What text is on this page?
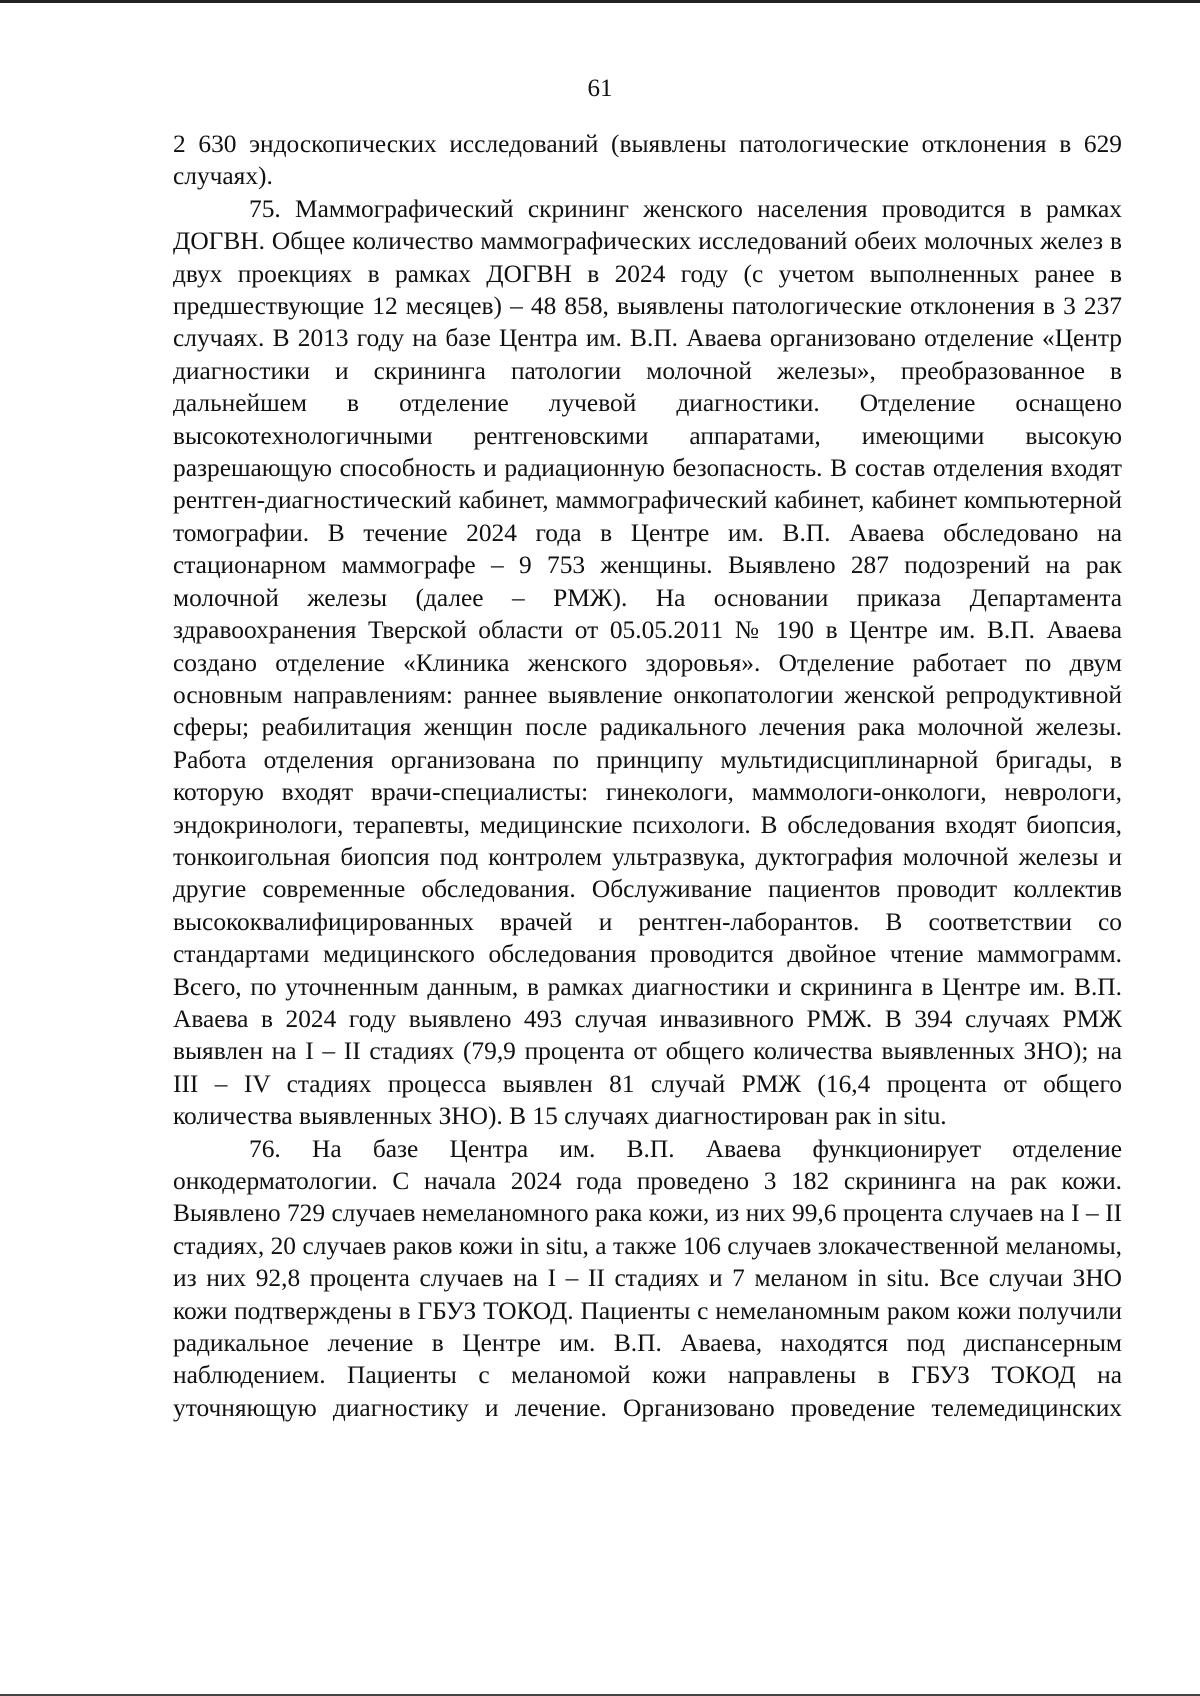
61

2 630 эндоскопических исследований (выявлены патологические отклонения в 629 случаях).

75. Маммографический скрининг женского населения проводится в рамках ДОГВН. Общее количество маммографических исследований обеих молочных желез в двух проекциях в рамках ДОГВН в 2024 году (с учетом выполненных ранее в предшествующие 12 месяцев) – 48 858, выявлены патологические отклонения в 3 237 случаях. В 2013 году на базе Центра им. В.П. Аваева организовано отделение «Центр диагностики и скрининга патологии молочной железы», преобразованное в дальнейшем в отделение лучевой диагностики. Отделение оснащено высокотехнологичными рентгеновскими аппаратами, имеющими высокую разрешающую способность и радиационную безопасность. В состав отделения входят рентген-диагностический кабинет, маммографический кабинет, кабинет компьютерной томографии. В течение 2024 года в Центре им. В.П. Аваева обследовано на стационарном маммографе – 9 753 женщины. Выявлено 287 подозрений на рак молочной железы (далее – РМЖ). На основании приказа Департамента здравоохранения Тверской области от 05.05.2011 № 190 в Центре им. В.П. Аваева создано отделение «Клиника женского здоровья». Отделение работает по двум основным направлениям: раннее выявление онкопатологии женской репродуктивной сферы; реабилитация женщин после радикального лечения рака молочной железы. Работа отделения организована по принципу мультидисциплинарной бригады, в которую входят врачи-специалисты: гинекологи, маммологи-онкологи, неврологи, эндокринологи, терапевты, медицинские психологи. В обследования входят биопсия, тонкоигольная биопсия под контролем ультразвука, дуктография молочной железы и другие современные обследования. Обслуживание пациентов проводит коллектив высококвалифицированных врачей и рентген-лаборантов. В соответствии со стандартами медицинского обследования проводится двойное чтение маммограмм. Всего, по уточненным данным, в рамках диагностики и скрининга в Центре им. В.П. Аваева в 2024 году выявлено 493 случая инвазивного РМЖ. В 394 случаях РМЖ выявлен на I – II стадиях (79,9 процента от общего количества выявленных ЗНО); на III – IV стадиях процесса выявлен 81 случай РМЖ (16,4 процента от общего количества выявленных ЗНО). В 15 случаях диагностирован рак in situ.

76. На базе Центра им. В.П. Аваева функционирует отделение онкодерматологии. С начала 2024 года проведено 3 182 скрининга на рак кожи. Выявлено 729 случаев немеланомного рака кожи, из них 99,6 процента случаев на I – II стадиях, 20 случаев раков кожи in situ, а также 106 случаев злокачественной меланомы, из них 92,8 процента случаев на I – II стадиях и 7 меланом in situ. Все случаи ЗНО кожи подтверждены в ГБУЗ ТОКОД. Пациенты с немеланомным раком кожи получили радикальное лечение в Центре им. В.П. Аваева, находятся под диспансерным наблюдением. Пациенты с меланомой кожи направлены в ГБУЗ ТОКОД на уточняющую диагностику и лечение. Организовано проведение телемедицинских
